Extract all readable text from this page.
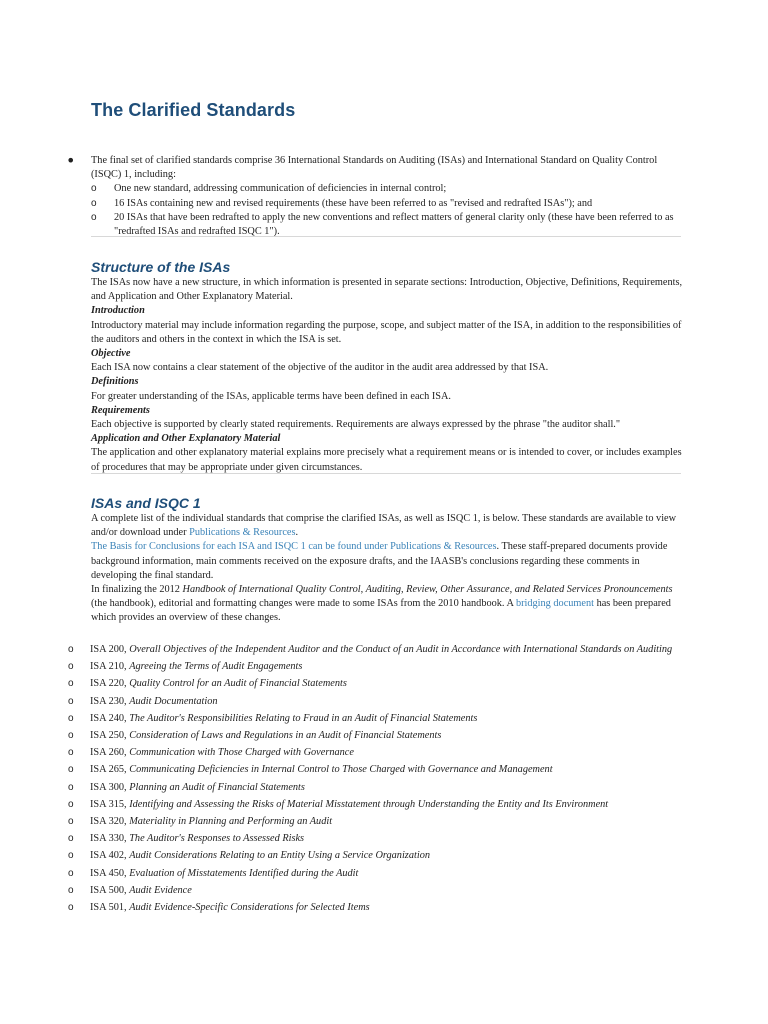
The Clarified Standards
• The final set of clarified standards comprise 36 International Standards on Auditing (ISAs) and International Standard on Quality Control (ISQC) 1, including:

o One new standard, addressing communication of deficiencies in internal control;
o 16 ISAs containing new and revised requirements (these have been referred to as "revised and redrafted ISAs"); and
o 20 ISAs that have been redrafted to apply the new conventions and reflect matters of general clarity only (these have been referred to as "redrafted ISAs and redrafted ISQC 1").
Structure of the ISAs

The ISAs now have a new structure, in which information is presented in separate sections: Introduction, Objective, Definitions, Requirements, and Application and Other Explanatory Material.

Introduction

Introductory material may include information regarding the purpose, scope, and subject matter of the ISA, in addition to the responsibilities of the auditors and others in the context in which the ISA is set.

Objective

Each ISA now contains a clear statement of the objective of the auditor in the audit area addressed by that ISA.

Definitions

For greater understanding of the ISAs, applicable terms have been defined in each ISA.

Requirements

Each objective is supported by clearly stated requirements. Requirements are always expressed by the phrase "the auditor shall."

Application and Other Explanatory Material

The application and other explanatory material explains more precisely what a requirement means or is intended to cover, or includes examples of procedures that may be appropriate under given circumstances.

ISAs and ISQC 1

A complete list of the individual standards that comprise the clarified ISAs, as well as ISQC 1, is below. These standards are available to view and/or download under Publications & Resources.

The Basis for Conclusions for each ISA and ISQC 1 can be found under Publications & Resources. These staff-prepared documents provide background information, main comments received on the exposure drafts, and the IAASB's conclusions regarding these comments in developing the final standard.

In finalizing the 2012 Handbook of International Quality Control, Auditing, Review, Other Assurance, and Related Services Pronouncements (the handbook), editorial and formatting changes were made to some ISAs from the 2010 handbook. A bridging document has been prepared which provides an overview of these changes.

o ISA 200, Overall Objectives of the Independent Auditor and the Conduct of an Audit in Accordance with International Standards on Auditing
o ISA 210, Agreeing the Terms of Audit Engagements
o ISA 220, Quality Control for an Audit of Financial Statements
o ISA 230, Audit Documentation
o ISA 240, The Auditor's Responsibilities Relating to Fraud in an Audit of Financial Statements
o ISA 250, Consideration of Laws and Regulations in an Audit of Financial Statements
o ISA 260, Communication with Those Charged with Governance
o ISA 265, Communicating Deficiencies in Internal Control to Those Charged with Governance and Management
o ISA 300, Planning an Audit of Financial Statements
o ISA 315, Identifying and Assessing the Risks of Material Misstatement through Understanding the Entity and Its Environment
o ISA 320, Materiality in Planning and Performing an Audit
o ISA 330, The Auditor's Responses to Assessed Risks
o ISA 402, Audit Considerations Relating to an Entity Using a Service Organization
o ISA 450, Evaluation of Misstatements Identified during the Audit
o ISA 500, Audit Evidence
o ISA 501, Audit Evidence-Specific Considerations for Selected Items
